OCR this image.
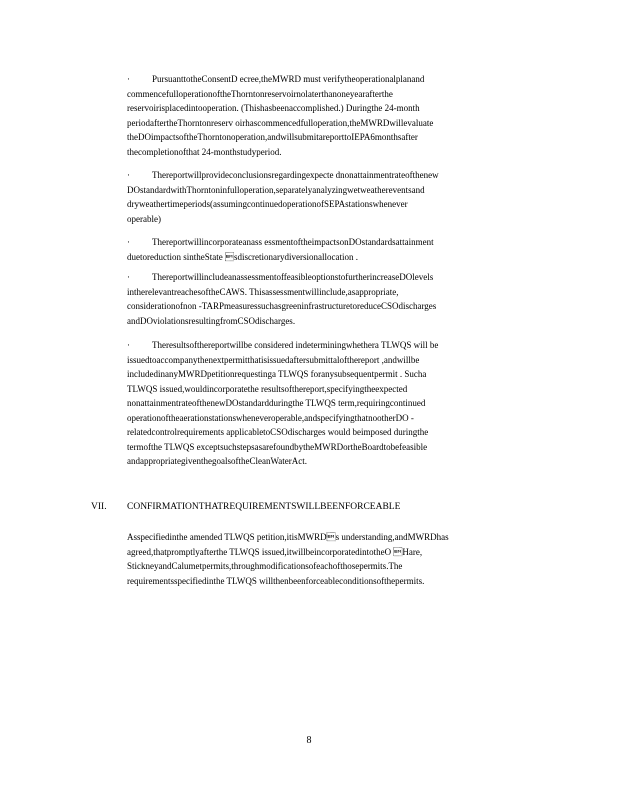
· PursuanttotheConsentD ecree,theMWRD must verifytheoperationalplanand
commencefulloperationoftheThorntonreservoirnolaterthanoneyearafterthe
reservoirisplacedintooperation. (Thishasbeenaccomplished.) Duringthe 24-month
periodaftertheThorntonreserv oirhascommencedfulloperation,theMWRDwillevaluate
theDOimpactsoftheThorntonoperation,andwillsubmitareporttoIEPA6monthsafter
thecompletionofthat 24-monthstudyperiod.
· Thereportwillprovideconclusionsregardingexpecte dnonattainmentrateofthenew
DOstandardwithThorntoninfulloperation,separatelyanalyzingwetweathereventsand
dryweathertimeperiods(assumingcontinuedoperationofSEPAstationswhenever
operable)
· Thereportwillincorporateanass essmentoftheimpactsonDOstandardsattainment
duetoreduction sintheState sdiscretionarydiversionallocation .
· ThereportwillincludeanassessmentoffeasibleoptionstofurtherincreaseDOlevels
intherelevantreachesoftheCAWS. Thisassessmentwillinclude,asappropriate,
considerationofnon -TARPmeasuressuchasgreeninfrastructuretoreduceCSOdischarges
andDOviolationsresultingfromCSOdischarges.
· Theresultsofthereportwillbe considered indeterminingwhethera TLWQS will be
issuedtoaccompanythenextpermitthatisissuedaftersubmittalofthereport ,andwillbe
includedinanyMWRDpetitionrequestinga TLWQS foranysubsequentpermit . Sucha
TLWQS issued,wouldincorporatethe resultsofthereport,specifyingtheexpected
nonattainmentrateofthenewDOstandardduringthe TLWQS term,requiringcontinued
operationoftheaerationstationswheneveroperable,andspecifyingthatnootherDO -
relatedcontrolrequirements applicabletoCSOdischarges would beimposed duringthe
termofthe TLWQS exceptsuchstepsasarefoundbytheMWRDortheBoardtobefeasible
andappropriategiventhegoalsoftheCleanWaterAct.
VII. CONFIRMATIONTHATREQUIREMENTSWILLBEENFORCEABLE
Asspecifiedinthe amended TLWQS petition,itisMWRDs understanding,andMWRDhas
agreed,thatpromptlyafterthe TLWQS issued,itwillbeincorporatedintotheO Hare,
StickneyandCalumetpermits,throughmodificationsofeachofthosepermits.The
requirementsspecifiedinthe TLWQS willthenbeenforceableconditionsofthepermits.
8
